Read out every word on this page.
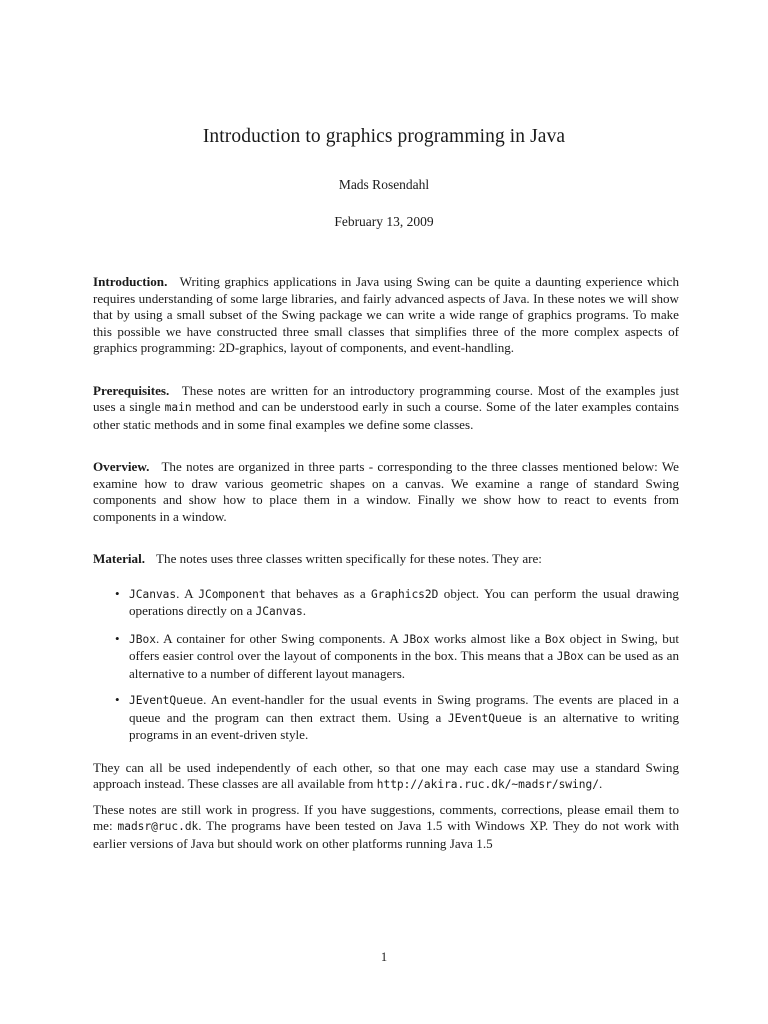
Introduction to graphics programming in Java
Mads Rosendahl
February 13, 2009

Introduction. Writing graphics applications in Java using Swing can be quite a daunting experience which requires understanding of some large libraries, and fairly advanced aspects of Java. In these notes we will show that by using a small subset of the Swing package we can write a wide range of graphics programs. To make this possible we have constructed three small classes that simplifies three of the more complex aspects of graphics programming: 2D-graphics, layout of components, and event-handling.

Prerequisites. These notes are written for an introductory programming course. Most of the examples just uses a single main method and can be understood early in such a course. Some of the later examples contains other static methods and in some final examples we define some classes.

Overview. The notes are organized in three parts - corresponding to the three classes mentioned below: We examine how to draw various geometric shapes on a canvas. We examine a range of standard Swing components and show how to place them in a window. Finally we show how to react to events from components in a window.

Material. The notes uses three classes written specifically for these notes. They are:

• JCanvas. A JComponent that behaves as a Graphics2D object. You can perform the usual drawing operations directly on a JCanvas.
• JBox. A container for other Swing components. A JBox works almost like a Box object in Swing, but offers easier control over the layout of components in the box. This means that a JBox can be used as an alternative to a number of different layout managers.
• JEventQueue. An event-handler for the usual events in Swing programs. The events are placed in a queue and the program can then extract them. Using a JEventQueue is an alternative to writing programs in an event-driven style.

They can all be used independently of each other, so that one may each case may use a standard Swing approach instead. These classes are all available from http://akira.ruc.dk/~madsr/swing/.

These notes are still work in progress. If you have suggestions, comments, corrections, please email them to me: madsr@ruc.dk. The programs have been tested on Java 1.5 with Windows XP. They do not work with earlier versions of Java but should work on other platforms running Java 1.5

1
